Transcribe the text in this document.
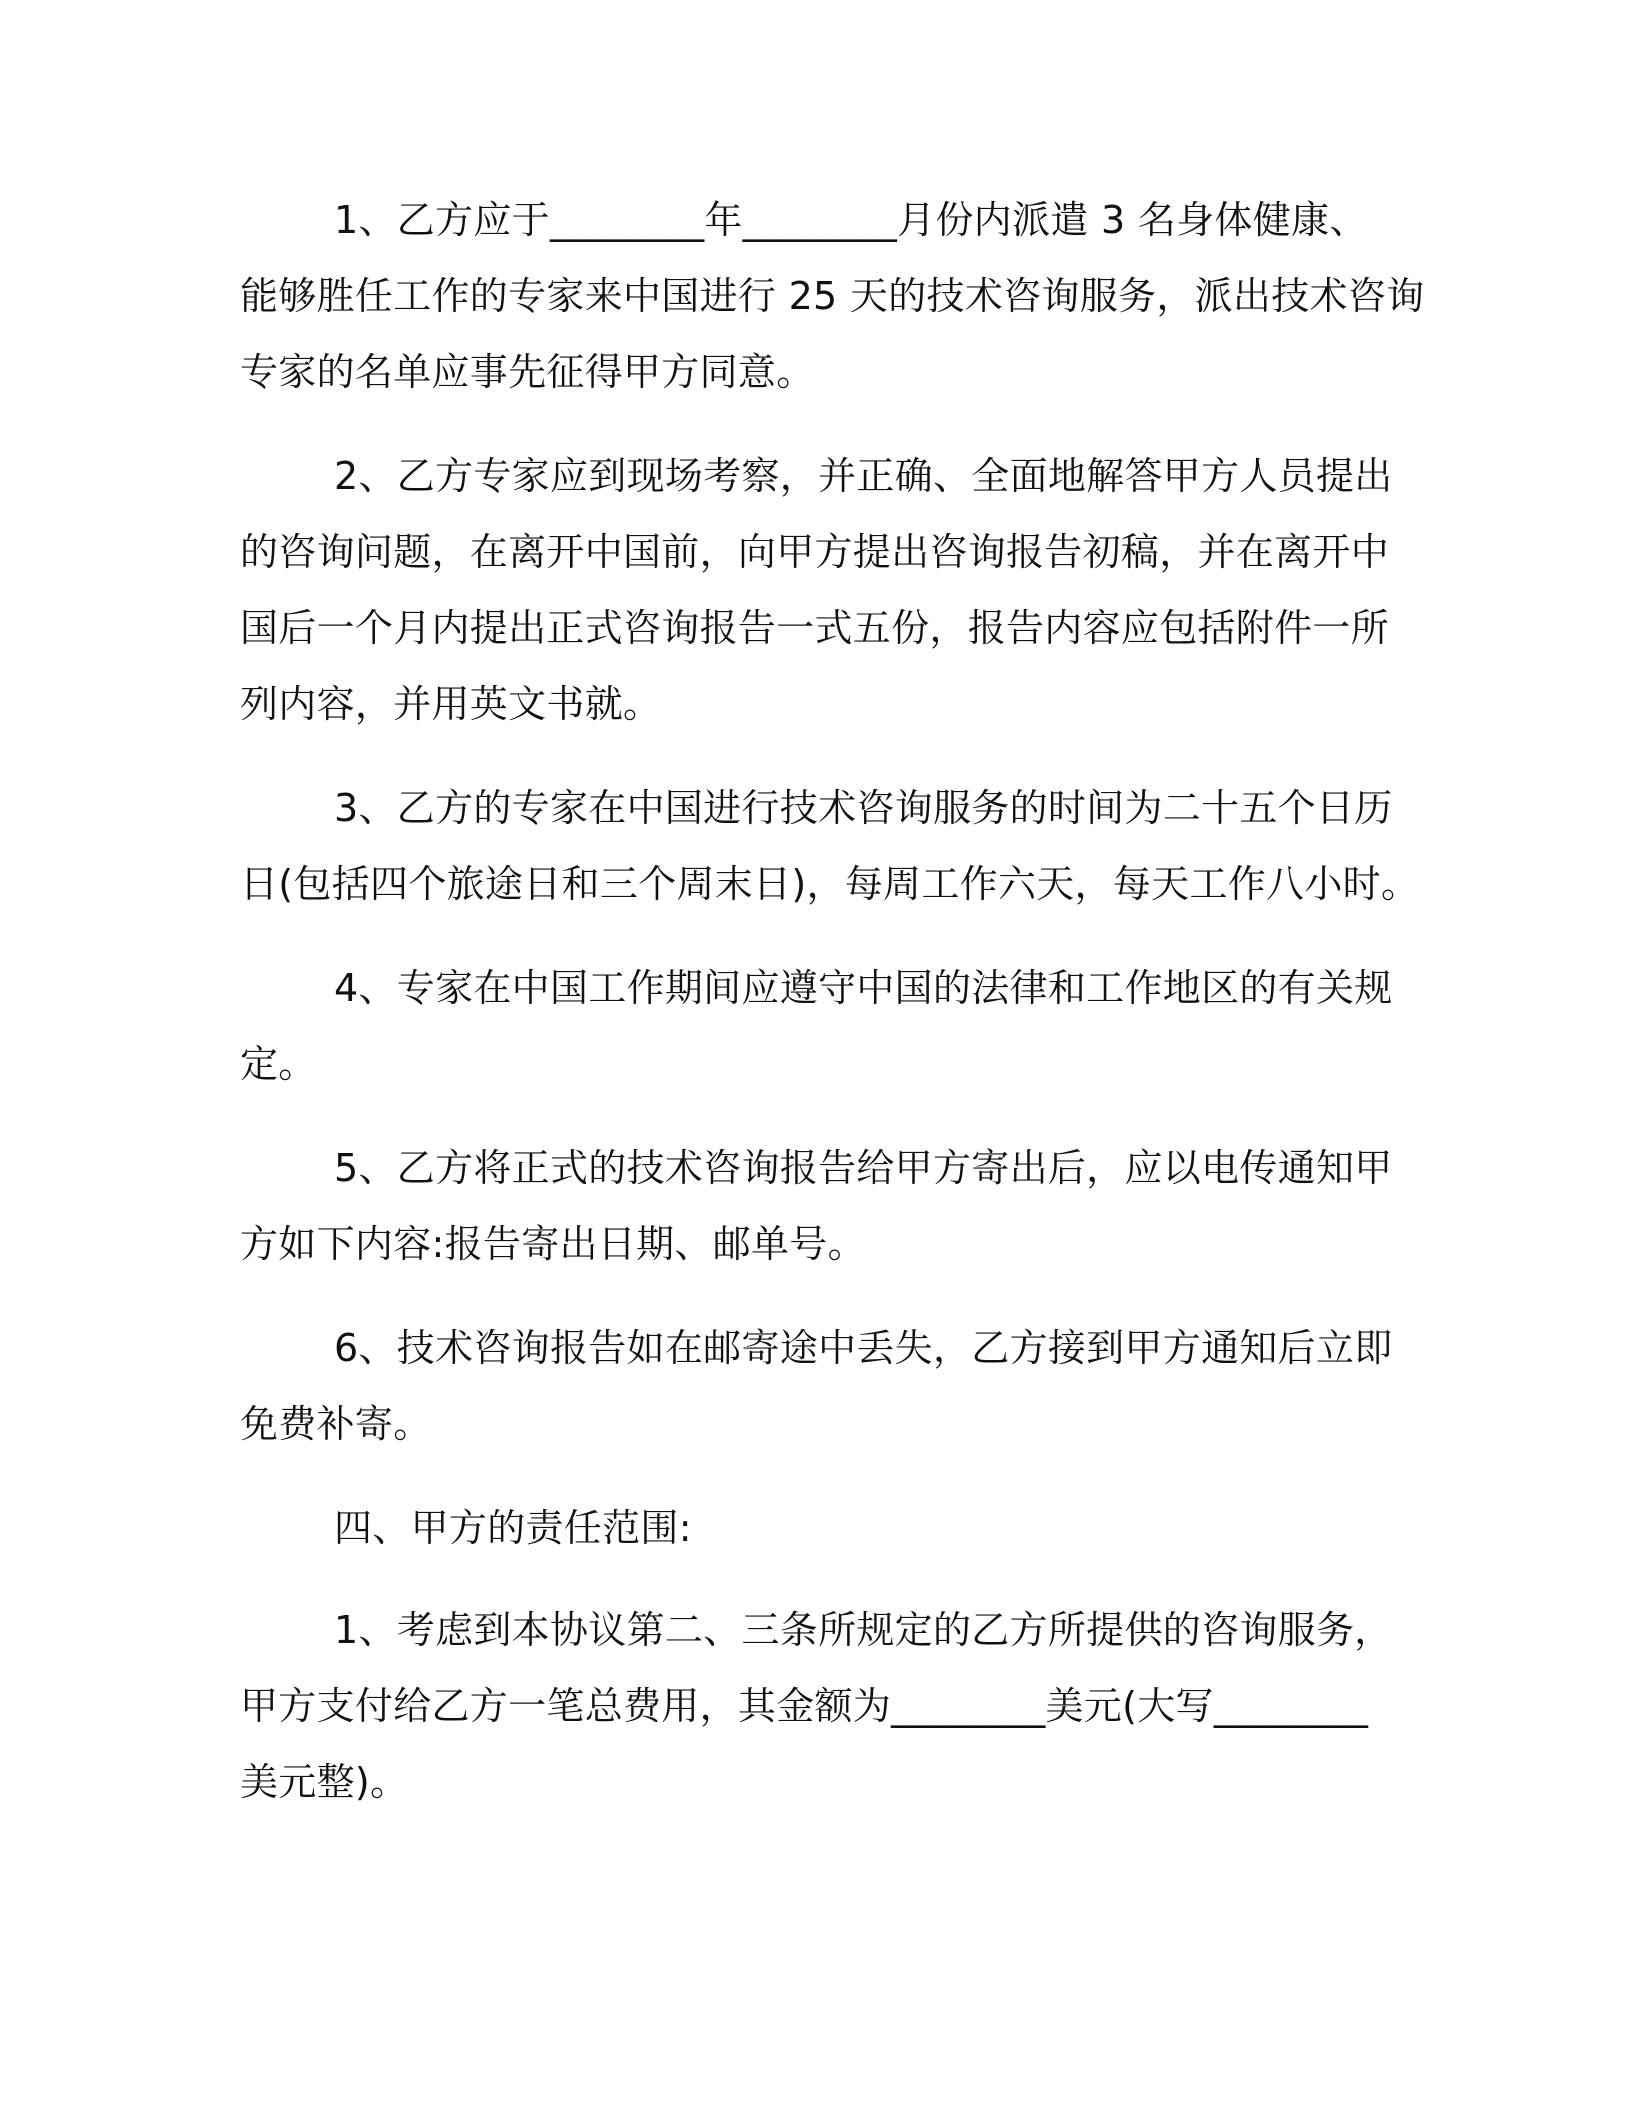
1、乙方应于________年________月份内派遣 3 名身体健康、
能够胜任工作的专家来中国进行 25 天的技术咨询服务，派出技术咨询
专家的名单应事先征得甲方同意。
2、乙方专家应到现场考察，并正确、全面地解答甲方人员提出
的咨询问题，在离开中国前，向甲方提出咨询报告初稿，并在离开中
国后一个月内提出正式咨询报告一式五份，报告内容应包括附件一所
列内容，并用英文书就。
3、乙方的专家在中国进行技术咨询服务的时间为二十五个日历
日(包括四个旅途日和三个周末日)，每周工作六天，每天工作八小时。
4、专家在中国工作期间应遵守中国的法律和工作地区的有关规
定。
5、乙方将正式的技术咨询报告给甲方寄出后，应以电传通知甲
方如下内容:报告寄出日期、邮单号。
6、技术咨询报告如在邮寄途中丢失，乙方接到甲方通知后立即
免费补寄。
四、甲方的责任范围:
1、考虑到本协议第二、三条所规定的乙方所提供的咨询服务，
甲方支付给乙方一笔总费用，其金额为________美元(大写________
美元整)。
